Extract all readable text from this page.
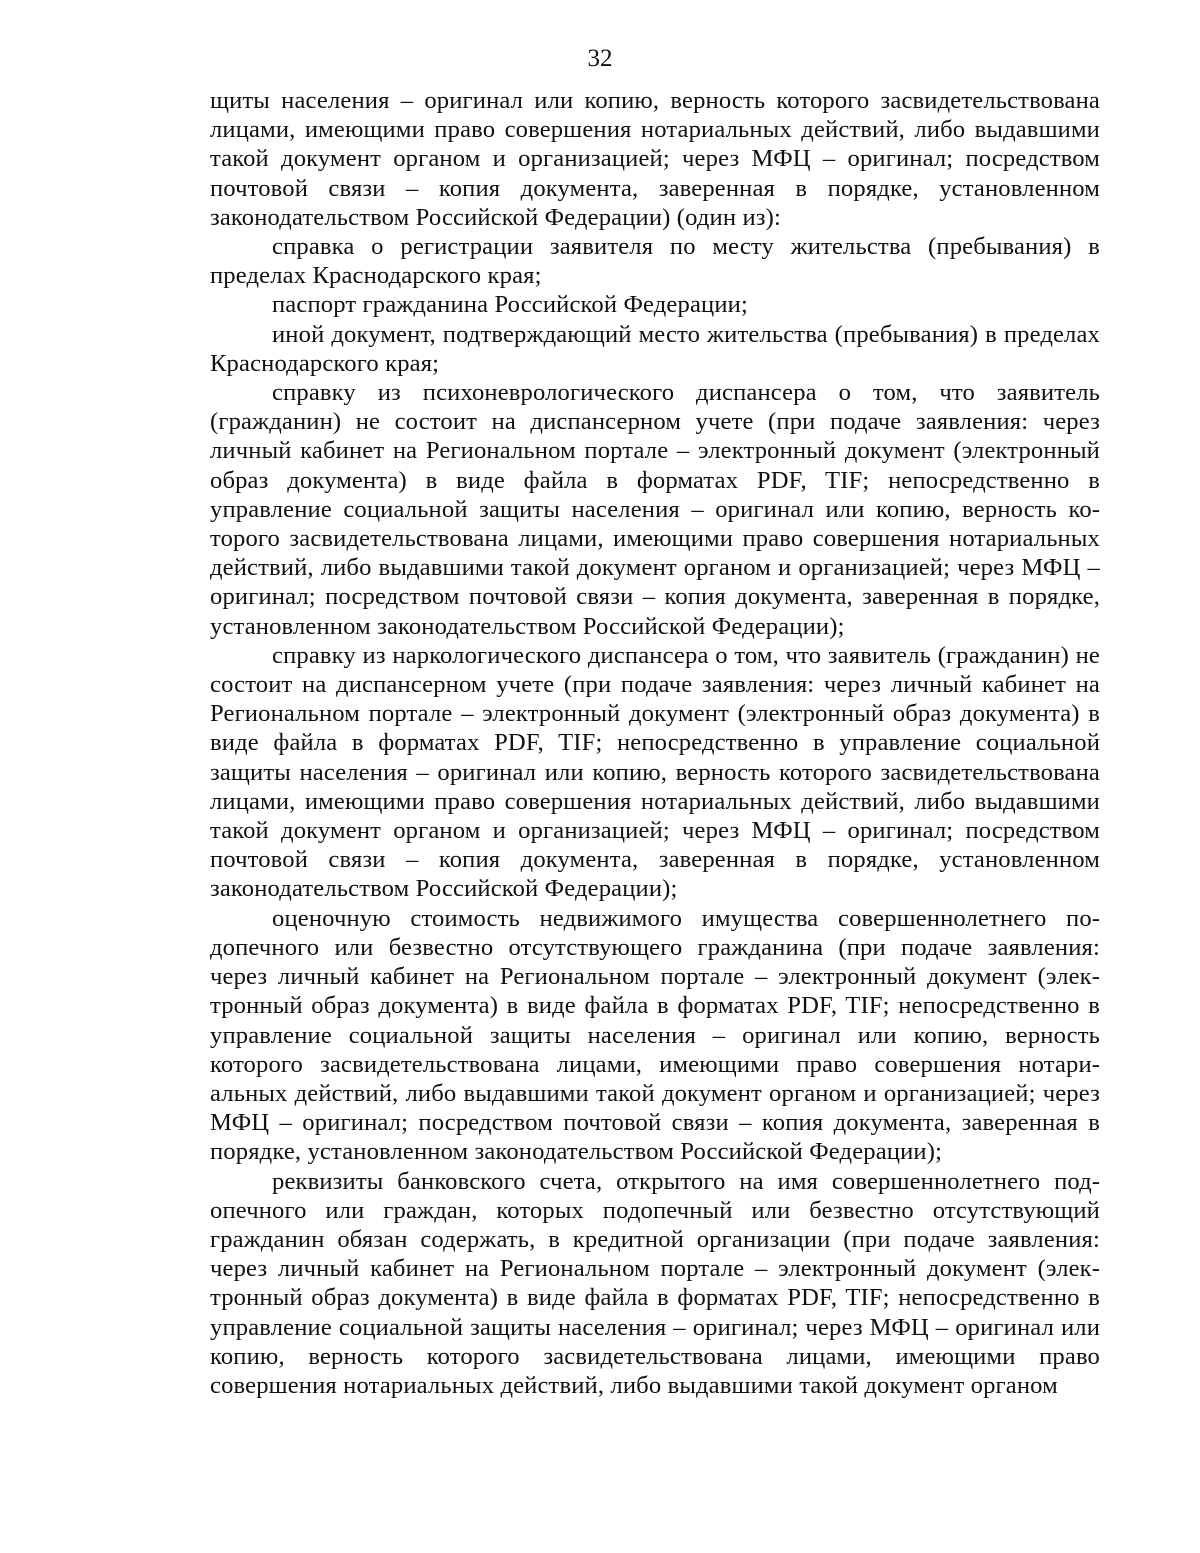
32

щиты населения – оригинал или копию, верность которого засвидетельствована лицами, имеющими право совершения нотариальных действий, либо выдавшими такой документ органом и организацией; через МФЦ – оригинал; посредством почтовой связи – копия документа, заверенная в порядке, установленном законодательством Российской Федерации) (один из):

справка о регистрации заявителя по месту жительства (пребывания) в пределах Краснодарского края;

паспорт гражданина Российской Федерации;

иной документ, подтверждающий место жительства (пребывания) в пределах Краснодарского края;

справку из психоневрологического диспансера о том, что заявитель (гражданин) не состоит на диспансерном учете (при подаче заявления: через личный кабинет на Региональном портале – электронный документ (электронный образ документа) в виде файла в форматах PDF, TIF; непосредственно в управление социальной защиты населения – оригинал или копию, верность которого засвидетельствована лицами, имеющими право совершения нотариальных действий, либо выдавшими такой документ органом и организацией; через МФЦ – оригинал; посредством почтовой связи – копия документа, заверенная в порядке, установленном законодательством Российской Федерации);

справку из наркологического диспансера о том, что заявитель (гражданин) не состоит на диспансерном учете (при подаче заявления: через личный кабинет на Региональном портале – электронный документ (электронный образ документа) в виде файла в форматах PDF, TIF; непосредственно в управление социальной защиты населения – оригинал или копию, верность которого засвидетельствована лицами, имеющими право совершения нотариальных действий, либо выдавшими такой документ органом и организацией; через МФЦ – оригинал; посредством почтовой связи – копия документа, заверенная в порядке, установленном законодательством Российской Федерации);

оценочную стоимость недвижимого имущества совершеннолетнего подопечного или безвестно отсутствующего гражданина (при подаче заявления: через личный кабинет на Региональном портале – электронный документ (электронный образ документа) в виде файла в форматах PDF, TIF; непосредственно в управление социальной защиты населения – оригинал или копию, верность которого засвидетельствована лицами, имеющими право совершения нотариальных действий, либо выдавшими такой документ органом и организацией; через МФЦ – оригинал; посредством почтовой связи – копия документа, заверенная в порядке, установленном законодательством Российской Федерации);

реквизиты банковского счета, открытого на имя совершеннолетнего подопечного или граждан, которых подопечный или безвестно отсутствующий гражданин обязан содержать, в кредитной организации (при подаче заявления: через личный кабинет на Региональном портале – электронный документ (электронный образ документа) в виде файла в форматах PDF, TIF; непосредственно в управление социальной защиты населения – оригинал; через МФЦ – оригинал или копию, верность которого засвидетельствована лицами, имеющими право совершения нотариальных действий, либо выдавшими такой документ органом
